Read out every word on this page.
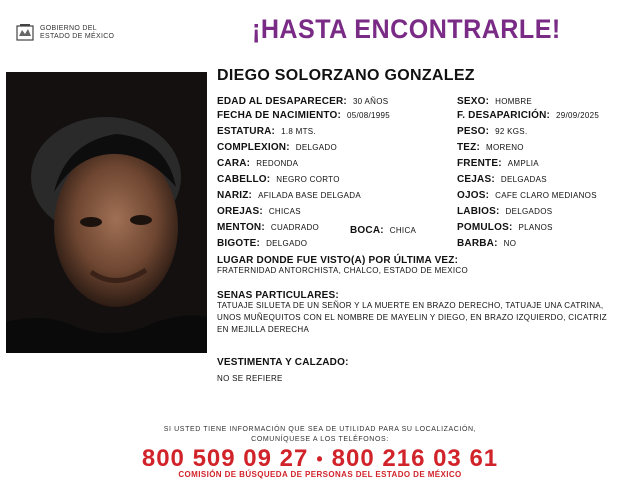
GOBIERNO DEL
ESTADO DE MÉXICO	¡HASTA ENCONTRARLE!
DIEGO SOLORZANO GONZALEZ
EDAD AL DESAPARECER: 30 AÑOS
FECHA DE NACIMIENTO: 05/08/1995
ESTATURA: 1.8 MTS.
COMPLEXION: DELGADO
CARA: REDONDA
CABELLO: NEGRO CORTO
NARIZ: AFILADA BASE DELGADA
OREJAS: CHICAS
MENTON: CUADRADO	BOCA: CHICA
BIGOTE: DELGADO
SEXO: HOMBRE
F. DESAPARICIÓN: 29/09/2025
PESO: 92 KGS.
TEZ: MORENO
FRENTE: AMPLIA
CEJAS: DELGADAS
OJOS: CAFE CLARO MEDIANOS
LABIOS: DELGADOS
POMULOS: PLANOS
BARBA: NO
LUGAR DONDE FUE VISTO(A) POR ÚLTIMA VEZ:
FRATERNIDAD ANTORCHISTA, CHALCO, ESTADO DE MEXICO
SENAS PARTICULARES:
TATUAJE SILUETA DE UN SEÑOR Y LA MUERTE EN BRAZO DERECHO, TATUAJE UNA CATRINA, UNOS MUÑEQUITOS CON EL NOMBRE DE MAYELIN Y DIEGO, EN BRAZO IZQUIERDO, CICATRIZ EN MEJILLA DERECHA
VESTIMENTA Y CALZADO:
NO SE REFIERE
SI USTED TIENE INFORMACIÓN QUE SEA DE UTILIDAD PARA SU LOCALIZACIÓN,
COMUNÍQUESE A LOS TELÉFONOS:
800 509 09 27 • 800 216 03 61
COMISIÓN DE BÚSQUEDA DE PERSONAS DEL ESTADO DE MÉXICO
